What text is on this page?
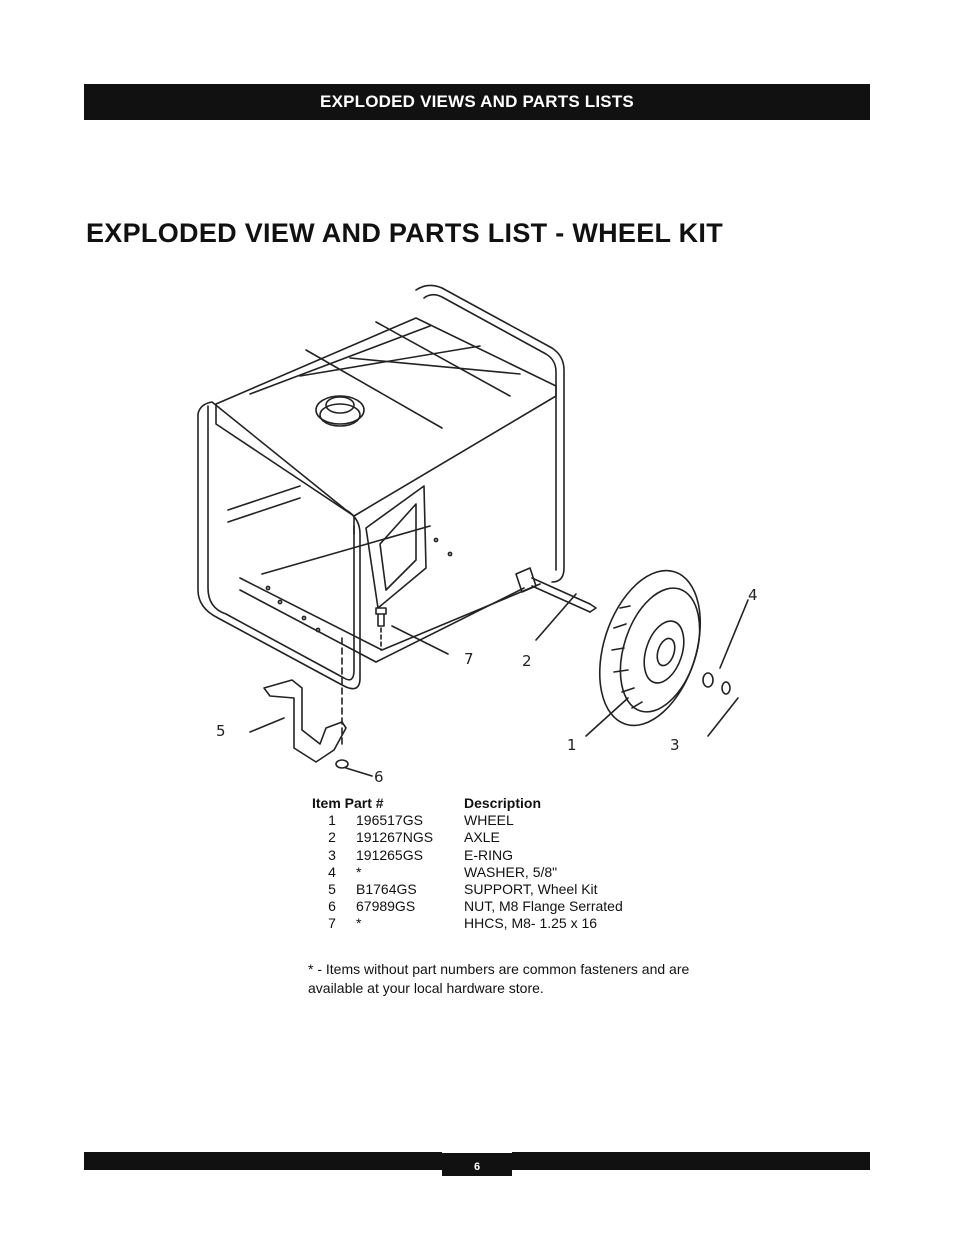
EXPLODED VIEWS AND PARTS LISTS
EXPLODED VIEW AND PARTS LIST - WHEEL KIT
1
2
3
4
5
6
7
Item Part #		Description
1	196517GS	WHEEL
2	191267NGS	AXLE
3	191265GS	E-RING
4	*	WASHER, 5/8"
5	B1764GS	SUPPORT, Wheel Kit
6	67989GS	NUT, M8 Flange Serrated
7	*	HHCS, M8- 1.25 x 16

* - Items without part numbers are common fasteners and are available at your local hardware store.

6
